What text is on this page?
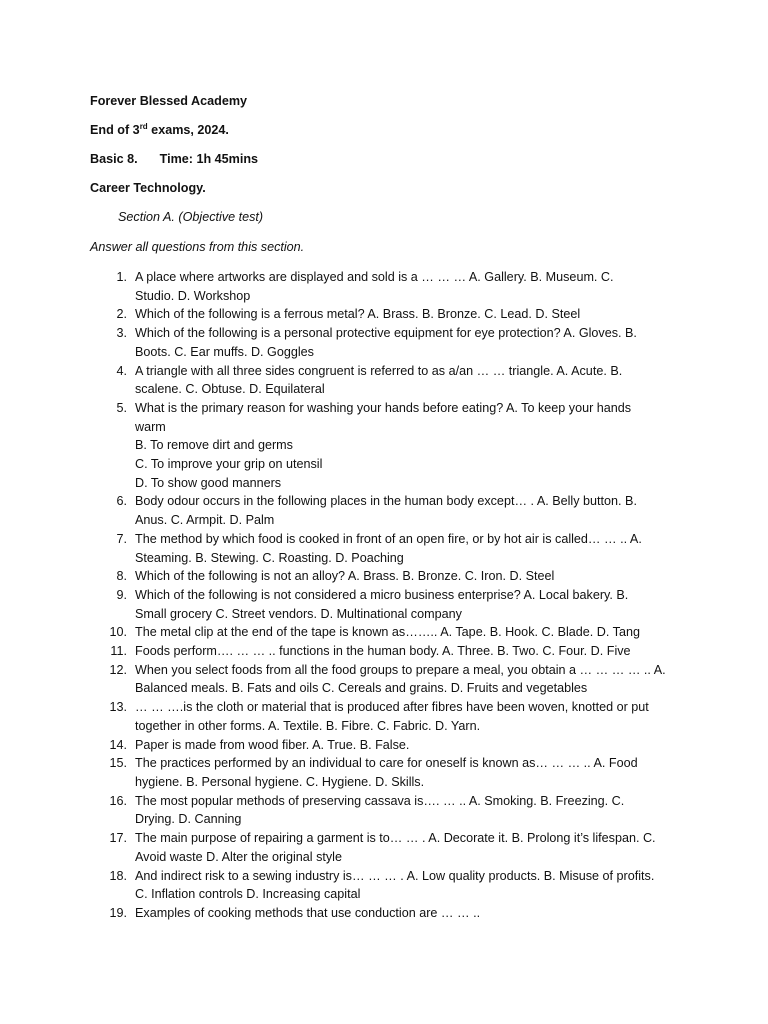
Forever Blessed Academy
End of 3rd exams, 2024.
Basic 8. Time: 1h 45mins
Career Technology.
Section A. (Objective test)
Answer all questions from this section.
1. A place where artworks are displayed and sold is a … … … A. Gallery. B. Museum. C.
Studio. D. Workshop
2. Which of the following is a ferrous metal? A. Brass. B. Bronze. C. Lead. D. Steel
3. Which of the following is a personal protective equipment for eye protection? A. Gloves. B.
Boots. C. Ear muffs. D. Goggles
4. A triangle with all three sides congruent is referred to as a/an … … triangle. A. Acute. B.
scalene. C. Obtuse. D. Equilateral
5. What is the primary reason for washing your hands before eating? A. To keep your hands
warm
B. To remove dirt and germs
C. To improve your grip on utensil
D. To show good manners
6. Body odour occurs in the following places in the human body except… . A. Belly button. B.
Anus. C. Armpit. D. Palm
7. The method by which food is cooked in front of an open fire, or by hot air is called… … .. A.
Steaming. B. Stewing. C. Roasting. D. Poaching
8. Which of the following is not an alloy? A. Brass. B. Bronze. C. Iron. D. Steel
9. Which of the following is not considered a micro business enterprise? A. Local bakery. B.
Small grocery C. Street vendors. D. Multinational company
10. The metal clip at the end of the tape is known as…….. A. Tape. B. Hook. C. Blade. D. Tang
11. Foods perform…. … … .. functions in the human body. A. Three. B. Two. C. Four. D. Five
12. When you select foods from all the food groups to prepare a meal, you obtain a … … … … .. A.
Balanced meals. B. Fats and oils C. Cereals and grains. D. Fruits and vegetables
13. … … ….is the cloth or material that is produced after fibres have been woven, knotted or put
together in other forms. A. Textile. B. Fibre. C. Fabric. D. Yarn.
14. Paper is made from wood fiber. A. True. B. False.
15. The practices performed by an individual to care for oneself is known as… … … .. A. Food
hygiene. B. Personal hygiene. C. Hygiene. D. Skills.
16. The most popular methods of preserving cassava is…. … .. A. Smoking. B. Freezing. C.
Drying. D. Canning
17. The main purpose of repairing a garment is to… … . A. Decorate it. B. Prolong it’s lifespan. C.
Avoid waste D. Alter the original style
18. And indirect risk to a sewing industry is… … … . A. Low quality products. B. Misuse of profits.
C. Inflation controls D. Increasing capital
19. Examples of cooking methods that use conduction are … … ..
